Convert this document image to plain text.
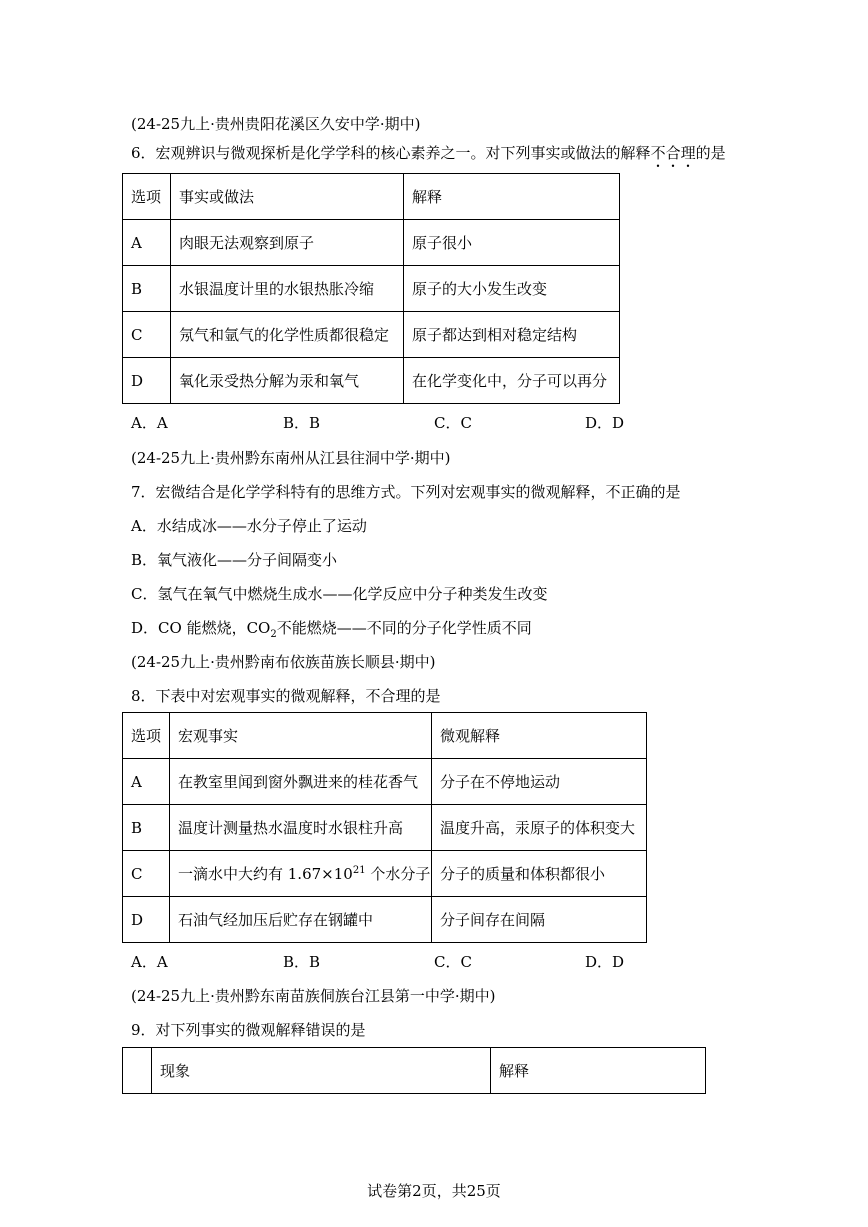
(24-25九上·贵州贵阳花溪区久安中学·期中)
6．宏观辨识与微观探析是化学学科的核心素养之一。对下列事实或做法的解释不合理的是
选项	事实或做法	解释
A	肉眼无法观察到原子	原子很小
B	水银温度计里的水银热胀冷缩	原子的大小发生改变
C	氖气和氩气的化学性质都很稳定	原子都达到相对稳定结构
D	氧化汞受热分解为汞和氧气	在化学变化中，分子可以再分
A．A	B．B	C．C	D．D
(24-25九上·贵州黔东南州从江县往洞中学·期中)
7．宏微结合是化学学科特有的思维方式。下列对宏观事实的微观解释，不正确的是
A．水结成冰——水分子停止了运动
B．氧气液化——分子间隔变小
C．氢气在氧气中燃烧生成水——化学反应中分子种类发生改变
D．CO 能燃烧，$CO_2$不能燃烧——不同的分子化学性质不同
(24-25九上·贵州黔南布依族苗族长顺县·期中)
8．下表中对宏观事实的微观解释，不合理的是
选项	宏观事实	微观解释
A	在教室里闻到窗外飘进来的桂花香气	分子在不停地运动
B	温度计测量热水温度时水银柱升高	温度升高，汞原子的体积变大
C	一滴水中大约有 $1.67\times 10^{21}$ 个水分子	分子的质量和体积都很小
D	石油气经加压后贮存在钢罐中	分子间存在间隔
A．A	B．B	C．C	D．D
(24-25九上·贵州黔东南苗族侗族台江县第一中学·期中)
9．对下列事实的微观解释错误的是
	现象	解释
试卷第2页，共25页
